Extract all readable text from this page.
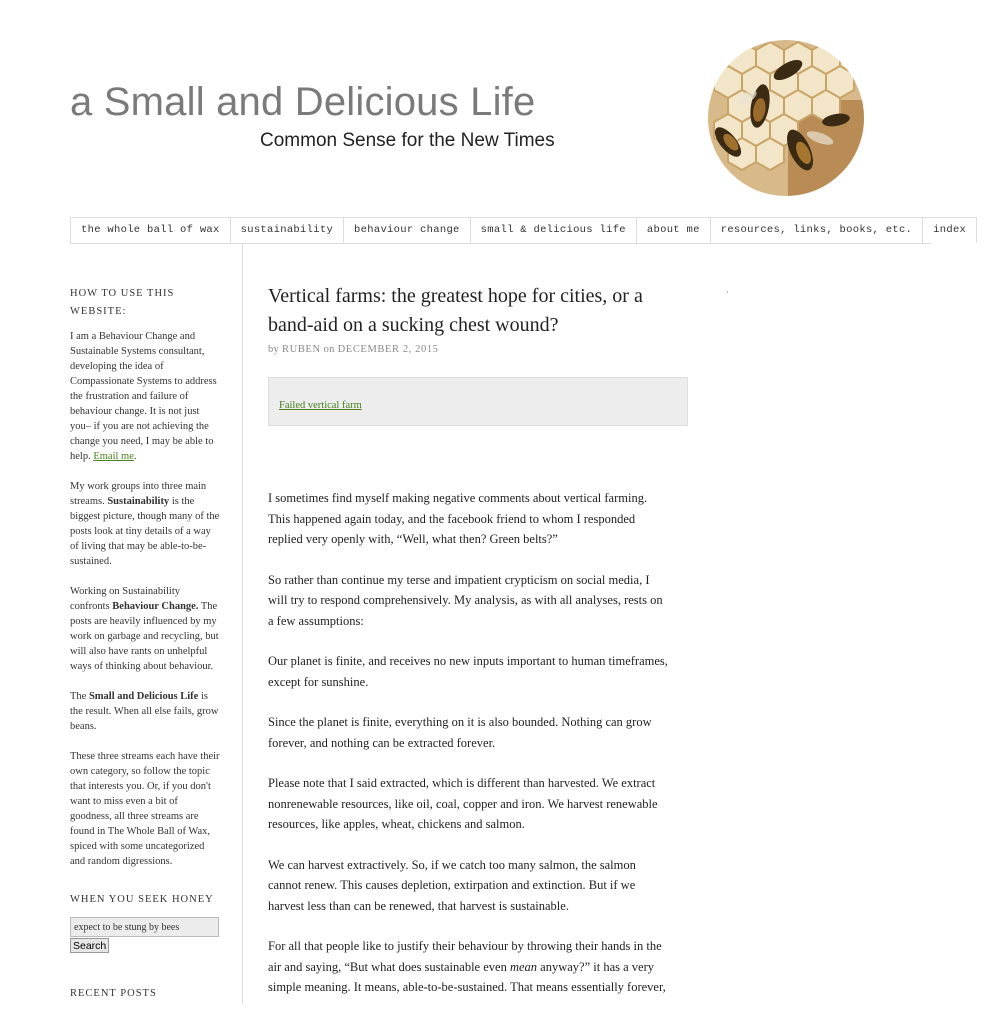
a Small and Delicious Life

Common Sense for the New Times

the whole ball of wax	sustainability	behaviour change	small & delicious life	about me	resources, links, books, etc.	index
HOW TO USE THIS WEBSITE:

I am a Behaviour Change and Sustainable Systems consultant, developing the idea of Compassionate Systems to address the frustration and failure of behaviour change. It is not just you– if you are not achieving the change you need, I may be able to help. Email me.

My work groups into three main streams. Sustainability is the biggest picture, though many of the posts look at tiny details of a way of living that may be able-to-be-sustained.

Working on Sustainability confronts Behaviour Change. The posts are heavily influenced by my work on garbage and recycling, but will also have rants on unhelpful ways of thinking about behaviour.

The Small and Delicious Life is the result. When all else fails, grow beans.

These three streams each have their own category, so follow the topic that interests you. Or, if you don't want to miss even a bit of goodness, all three streams are found in The Whole Ball of Wax, spiced with some uncategorized and random digressions.

WHEN YOU SEEK HONEY
expect to be stung by bees
Search
RECENT POSTS
·
Vertical farms: the greatest hope for cities, or a band-aid on a sucking chest wound?
by RUBEN on DECEMBER 2, 2015
Failed vertical farm

I sometimes find myself making negative comments about vertical farming. This happened again today, and the facebook friend to whom I responded replied very openly with, “Well, what then? Green belts?”

So rather than continue my terse and impatient crypticism on social media, I will try to respond comprehensively. My analysis, as with all analyses, rests on a few assumptions:

Our planet is finite, and receives no new inputs important to human timeframes, except for sunshine.

Since the planet is finite, everything on it is also bounded. Nothing can grow forever, and nothing can be extracted forever.

Please note that I said extracted, which is different than harvested. We extract nonrenewable resources, like oil, coal, copper and iron. We harvest renewable resources, like apples, wheat, chickens and salmon.

We can harvest extractively. So, if we catch too many salmon, the salmon cannot renew. This causes depletion, extirpation and extinction. But if we harvest less than can be renewed, that harvest is sustainable.

For all that people like to justify their behaviour by throwing their hands in the air and saying, “But what does sustainable even mean anyway?” it has a very simple meaning. It means, able-to-be-sustained. That means essentially forever,
